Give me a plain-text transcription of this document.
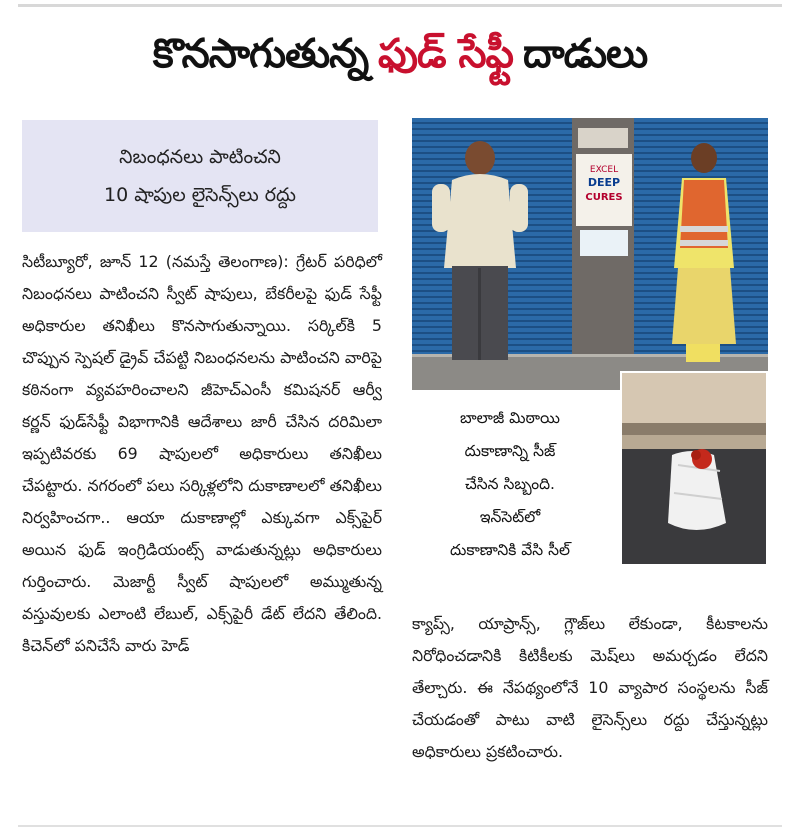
కొనసాగుతున్న ఫుడ్ సేఫ్టీ దాడులు
నిబంధనలు పాటించని
10 షాపుల లైసెన్స్‌లు రద్దు

సిటీబ్యూరో, జూన్ 12 (నమస్తే తెలంగాణ): గ్రేటర్ పరిధిలో నిబంధనలు పాటించని స్వీట్ షాపులు, బేకరీలపై ఫుడ్ సేఫ్టీ అధికారుల తనిఖీలు కొనసాగుతున్నాయి. సర్కిల్‌కి 5 చొప్పున స్పెషల్ డ్రైవ్ చేపట్టి నిబంధనలను పాటించని వారిపై కఠినంగా వ్యవహరించాలని జీహెచ్ఎంసీ కమిషనర్ ఆర్వీ కర్ణన్ ఫుడ్‌సేఫ్టీ విభాగానికి ఆదేశాలు జారీ చేసిన దరిమిలా ఇప్పటివరకు 69 షాపులలో అధికారులు తనిఖీలు చేపట్టారు. నగరంలో పలు సర్కిళ్లలోని దుకాణాలలో తనిఖీలు నిర్వహించగా.. ఆయా దుకాణాల్లో ఎక్కువగా ఎక్స్‌పైర్ అయిన ఫుడ్ ఇంగ్రిడియంట్స్ వాడుతున్నట్లు అధికారులు గుర్తించారు. మెజార్టీ స్వీట్ షాపులలో అమ్ముతున్న వస్తువులకు ఎలాంటి లేబుల్, ఎక్స్‌పైరీ డేట్ లేదని తేలింది. కిచెన్‌లో పనిచేసే వారు హెడ్

EXCEL
DEEP
CURES
బాలాజీ మిఠాయి
దుకాణాన్ని సీజ్
చేసిన సిబ్బంది.
ఇన్‌సెట్‌లో
దుకాణానికి వేసి సీల్

క్యాప్స్, యాప్రాన్స్, గ్లౌజ్‌లు లేకుండా, కీటకాలను నిరోధించడానికి కిటికీలకు మెష్‌లు అమర్చడం లేదని తేల్చారు. ఈ నేపథ్యంలోనే 10 వ్యాపార సంస్థలను సీజ్ చేయడంతో పాటు వాటి లైసెన్స్‌లు రద్దు చేస్తున్నట్లు అధికారులు ప్రకటించారు.
